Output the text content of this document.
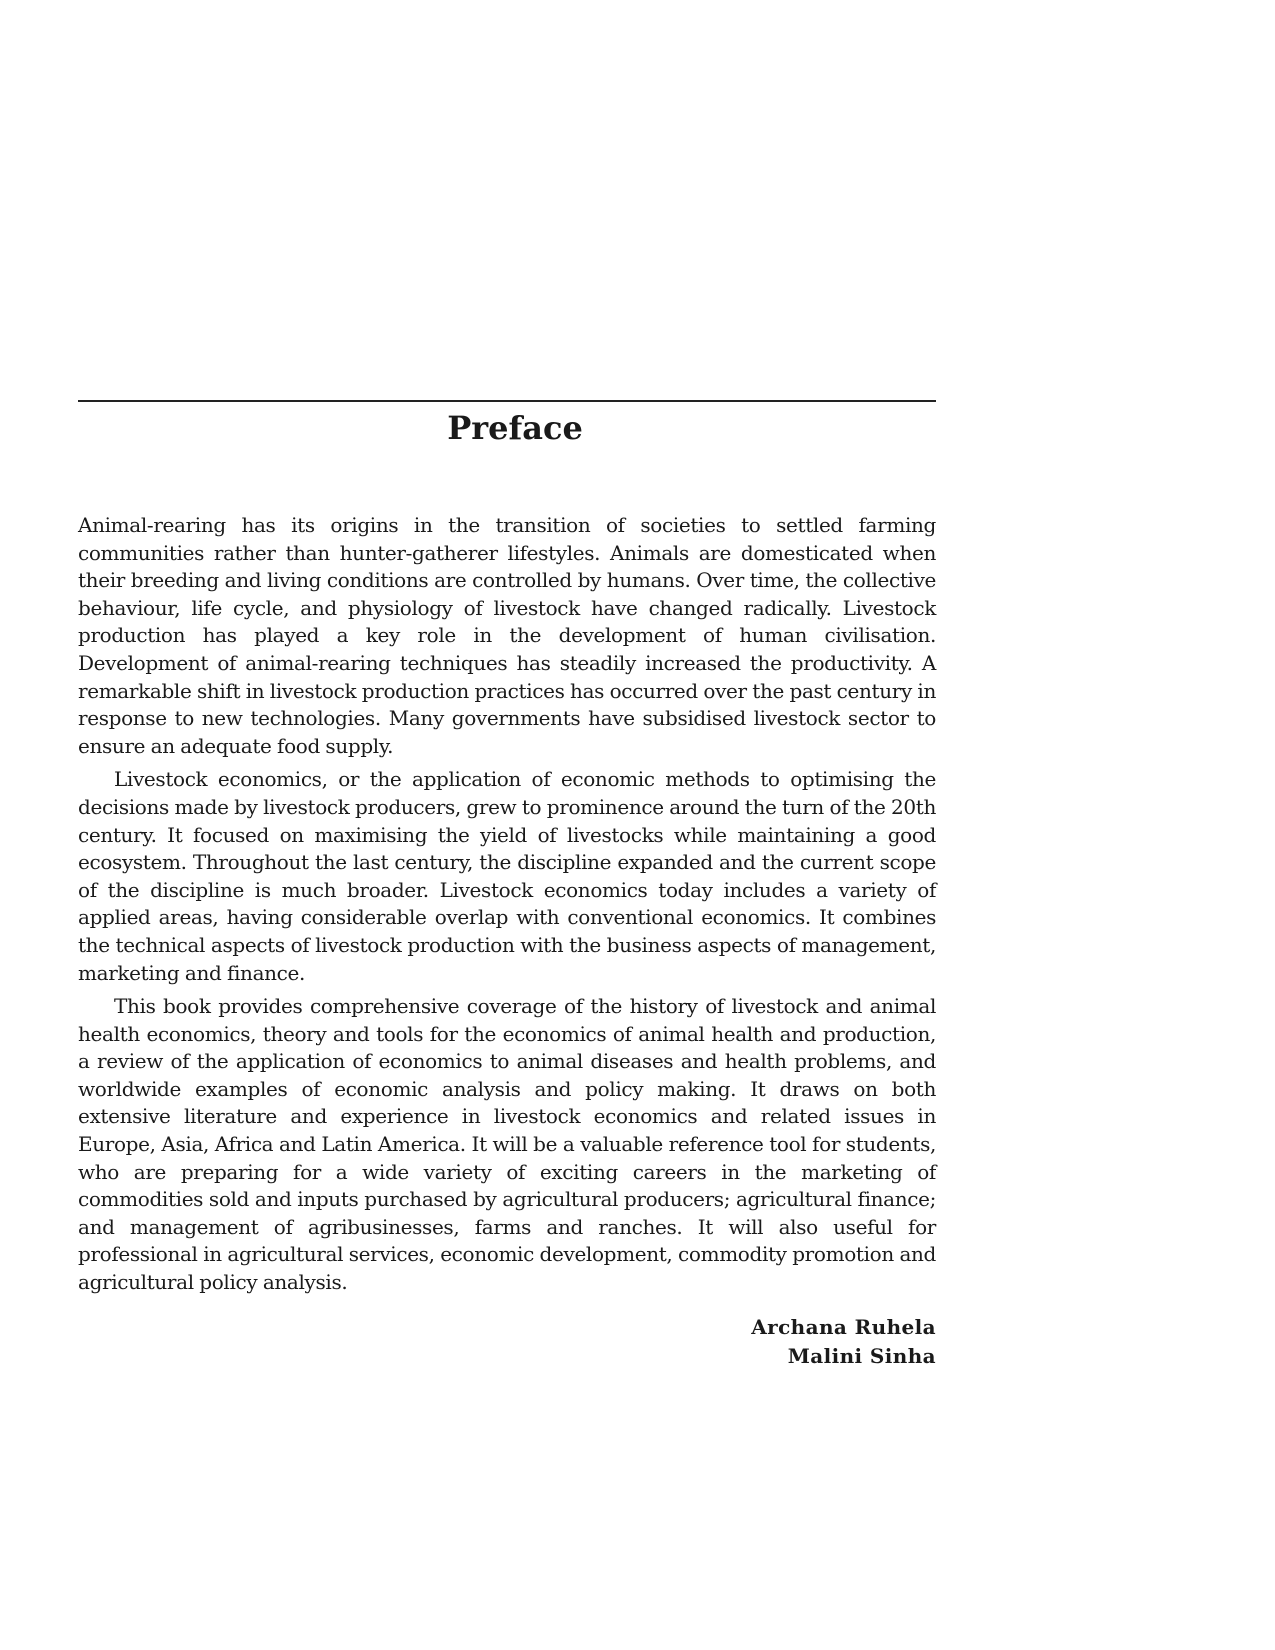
Preface

Animal-rearing has its origins in the transition of societies to settled farming communities rather than hunter-gatherer lifestyles. Animals are domesticated when their breeding and living conditions are controlled by humans. Over time, the collective behaviour, life cycle, and physiology of livestock have changed radically. Livestock production has played a key role in the development of human civilisation. Development of animal-rearing techniques has steadily increased the productivity. A remarkable shift in livestock production practices has occurred over the past century in response to new technologies. Many governments have subsidised livestock sector to ensure an adequate food supply.

Livestock economics, or the application of economic methods to optimising the decisions made by livestock producers, grew to prominence around the turn of the 20th century. It focused on maximising the yield of livestocks while maintaining a good ecosystem. Throughout the last century, the discipline expanded and the current scope of the discipline is much broader. Livestock economics today includes a variety of applied areas, having considerable overlap with conventional economics. It combines the technical aspects of livestock production with the business aspects of management, marketing and finance.

This book provides comprehensive coverage of the history of livestock and animal health economics, theory and tools for the economics of animal health and production, a review of the application of economics to animal diseases and health problems, and worldwide examples of economic analysis and policy making. It draws on both extensive literature and experience in livestock economics and related issues in Europe, Asia, Africa and Latin America. It will be a valuable reference tool for students, who are preparing for a wide variety of exciting careers in the marketing of commodities sold and inputs purchased by agricultural producers; agricultural finance; and management of agribusinesses, farms and ranches. It will also useful for professional in agricultural services, economic development, commodity promotion and agricultural policy analysis.

Archana Ruhela
Malini Sinha
